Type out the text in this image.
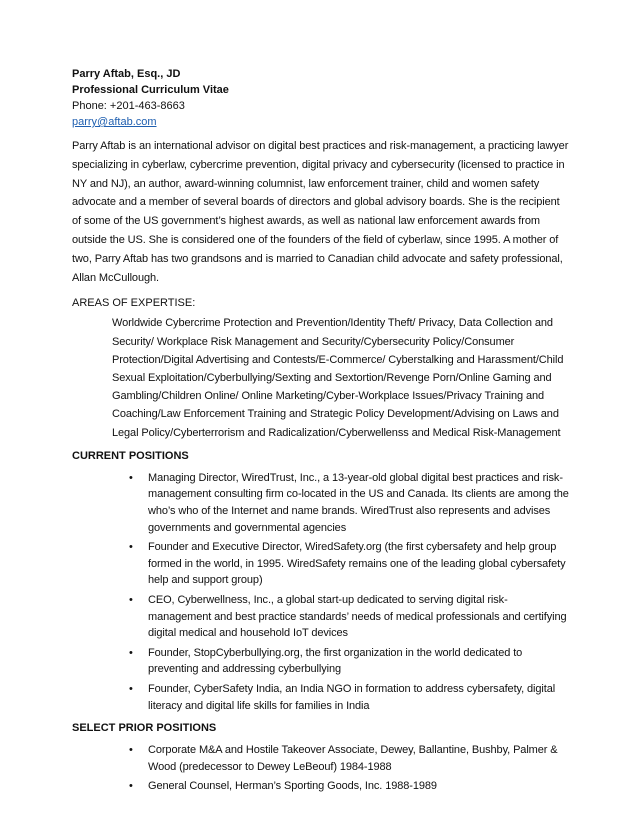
Parry Aftab, Esq., JD
Professional Curriculum Vitae
Phone: +201-463-8663
parry@aftab.com
Parry Aftab is an international advisor on digital best practices and risk-management, a practicing lawyer specializing in cyberlaw, cybercrime prevention, digital privacy and cybersecurity (licensed to practice in NY and NJ), an author, award-winning columnist, law enforcement trainer, child and women safety advocate and a member of several boards of directors and global advisory boards. She is the recipient of some of the US government’s highest awards, as well as national law enforcement awards from outside the US. She is considered one of the founders of the field of cyberlaw, since 1995. A mother of two, Parry Aftab has two grandsons and is married to Canadian child advocate and safety professional, Allan McCullough.
AREAS OF EXPERTISE:
Worldwide Cybercrime Protection and Prevention/Identity Theft/ Privacy, Data Collection and Security/ Workplace Risk Management and Security/Cybersecurity Policy/Consumer Protection/Digital Advertising and Contests/E-Commerce/ Cyberstalking and Harassment/Child Sexual Exploitation/Cyberbullying/Sexting and Sextortion/Revenge Porn/Online Gaming and Gambling/Children Online/ Online Marketing/Cyber-Workplace Issues/Privacy Training and Coaching/Law Enforcement Training and Strategic Policy Development/Advising on Laws and Legal Policy/Cyberterrorism and Radicalization/Cyberwellenss and Medical Risk-Management
CURRENT POSITIONS
• Managing Director, WiredTrust, Inc., a 13-year-old global digital best practices and risk-management consulting firm co-located in the US and Canada. Its clients are among the who’s who of the Internet and name brands. WiredTrust also represents and advises governments and governmental agencies
• Founder and Executive Director, WiredSafety.org (the first cybersafety and help group formed in the world, in 1995. WiredSafety remains one of the leading global cybersafety help and support group)
• CEO, Cyberwellness, Inc., a global start-up dedicated to serving digital risk-management and best practice standards’ needs of medical professionals and certifying digital medical and household IoT devices
• Founder, StopCyberbullying.org, the first organization in the world dedicated to preventing and addressing cyberbullying
• Founder, CyberSafety India, an India NGO in formation to address cybersafety, digital literacy and digital life skills for families in India
SELECT PRIOR POSITIONS
• Corporate M&A and Hostile Takeover Associate, Dewey, Ballantine, Bushby, Palmer & Wood (predecessor to Dewey LeBeouf) 1984-1988
• General Counsel, Herman’s Sporting Goods, Inc. 1988-1989
